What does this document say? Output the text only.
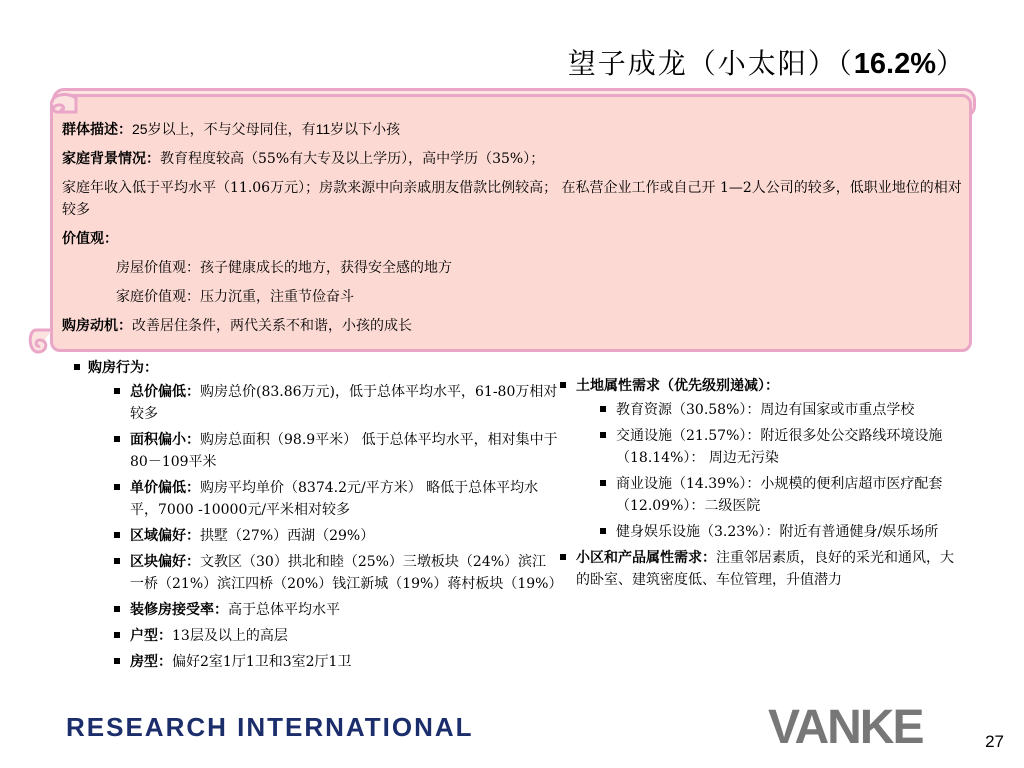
望子成龙（小太阳）（16.2%）

群体描述：25岁以上，不与父母同住，有11岁以下小孩

家庭背景情况：教育程度较高（55%有大专及以上学历），高中学历（35%）；

家庭年收入低于平均水平（11.06万元）；房款来源中向亲戚朋友借款比例较高； 在私营企业工作或自己开 1—2人公司的较多，低职业地位的相对较多

价值观：

房屋价值观：孩子健康成长的地方，获得安全感的地方

家庭价值观：压力沉重，注重节俭奋斗

购房动机：改善居住条件，两代关系不和谐，小孩的成长

购房行为：
总价偏低：购房总价(83.86万元)，低于总体平均水平，61-80万相对较多
面积偏小：购房总面积（98.9平米） 低于总体平均水平，相对集中于80－109平米
单价偏低：购房平均单价（8374.2元/平方米） 略低于总体平均水平，7000 -10000元/平米相对较多
区域偏好：拱墅（27%）西湖（29%）
区块偏好：文教区（30）拱北和睦（25%）三墩板块（24%）滨江一桥（21%）滨江四桥（20%）钱江新城（19%）蒋村板块（19%）
装修房接受率：高于总体平均水平
户型：13层及以上的高层
房型：偏好2室1厅1卫和3室2厅1卫
土地属性需求（优先级别递减）：
教育资源（30.58%）：周边有国家或市重点学校
交通设施（21.57%）：附近很多处公交路线环境设施（18.14%）： 周边无污染
商业设施（14.39%）：小规模的便利店超市医疗配套（12.09%）：二级医院
健身娱乐设施（3.23%）：附近有普通健身/娱乐场所
小区和产品属性需求：注重邻居素质，良好的采光和通风，大的卧室、建筑密度低、车位管理，升值潜力
RESEARCH INTERNATIONAL	VANKE	27
